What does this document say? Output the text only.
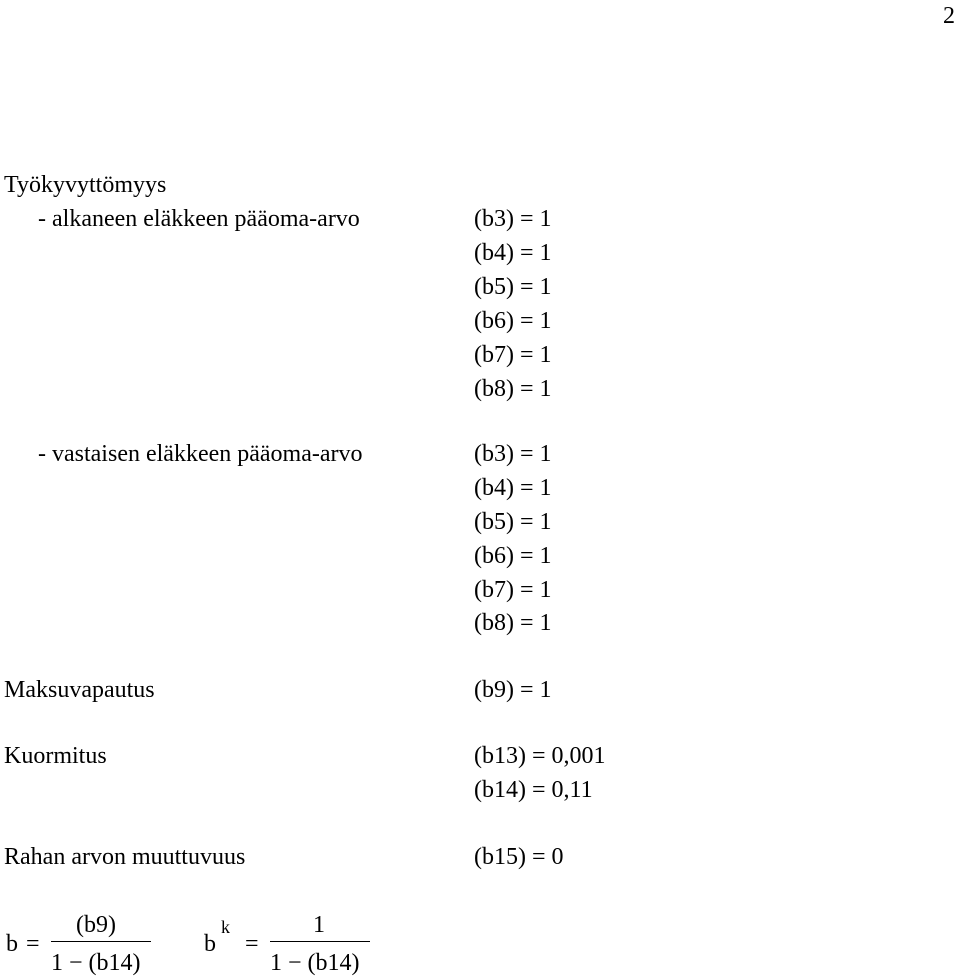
2
Työkyvyttömyys
- alkaneen eläkkeen pääoma-arvo	(b3) = 1
(b4) = 1
(b5) = 1
(b6) = 1
(b7) = 1
(b8) = 1
- vastaisen eläkkeen pääoma-arvo	(b3) = 1
(b4) = 1
(b5) = 1
(b6) = 1
(b7) = 1
(b8) = 1
Maksuvapautus	(b9) = 1
Kuormitus	(b13) = 0,001
(b14) = 0,11
Rahan arvon muuttuvuus	(b15) = 0
b =
(b9)
1 − (b14)
b
k
=
1
1 − (b14)
